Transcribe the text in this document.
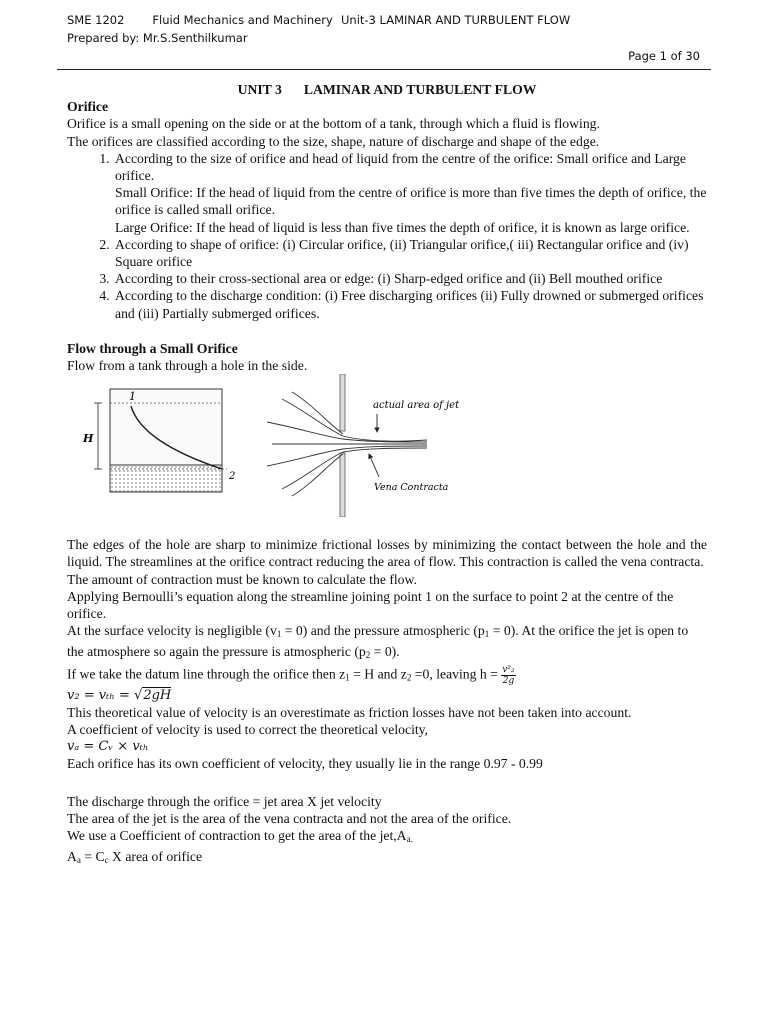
SME 1202 Fluid Mechanics and Machinery Unit-3 LAMINAR AND TURBULENT FLOW
Prepared by: Mr.S.Senthilkumar
Page 1 of 30

UNIT 3 LAMINAR AND TURBULENT FLOW

Orifice

Orifice is a small opening on the side or at the bottom of a tank, through which a fluid is flowing.

The orifices are classified according to the size, shape, nature of discharge and shape of the edge.

1. According to the size of orifice and head of liquid from the centre of the orifice: Small orifice and Large orifice.
Small Orifice: If the head of liquid from the centre of orifice is more than five times the depth of orifice, the orifice is called small orifice.
Large Orifice: If the head of liquid is less than five times the depth of orifice, it is known as large orifice.
2. According to shape of orifice: (i) Circular orifice, (ii) Triangular orifice,( iii) Rectangular orifice and (iv) Square orifice
3. According to their cross-sectional area or edge: (i) Sharp-edged orifice and (ii) Bell mouthed orifice
4. According to the discharge condition: (i) Free discharging orifices (ii) Fully drowned or submerged orifices and (iii) Partially submerged orifices.

Flow through a Small Orifice

Flow from a tank through a hole in the side.

1
H
2
actual area of jet
Vena Contracta

The edges of the hole are sharp to minimize frictional losses by minimizing the contact between the hole and the liquid. The streamlines at the orifice contract reducing the area of flow. This contraction is called the vena contracta.

The amount of contraction must be known to calculate the flow.

Applying Bernoulli’s equation along the streamline joining point 1 on the surface to point 2 at the centre of the orifice.

At the surface velocity is negligible (v1 = 0) and the pressure atmospheric (p1 = 0). At the orifice the jet is open to the atmosphere so again the pressure is atmospheric (p2 = 0).

If we take the datum line through the orifice then z1 = H and z2 =0, leaving $h = \frac{\text{v²₂}}{2g}$

v₂ = vₜₕ = √2gH

This theoretical value of velocity is an overestimate as friction losses have not been taken into account.

A coefficient of velocity is used to correct the theoretical velocity,

vₐ = Cᵥ × vₜₕ

Each orifice has its own coefficient of velocity, they usually lie in the range 0.97 - 0.99

The discharge through the orifice = jet area X jet velocity

The area of the jet is the area of the vena contracta and not the area of the orifice.

We use a Coefficient of contraction to get the area of the jet,Aa.

Aa = Cc X area of orifice
